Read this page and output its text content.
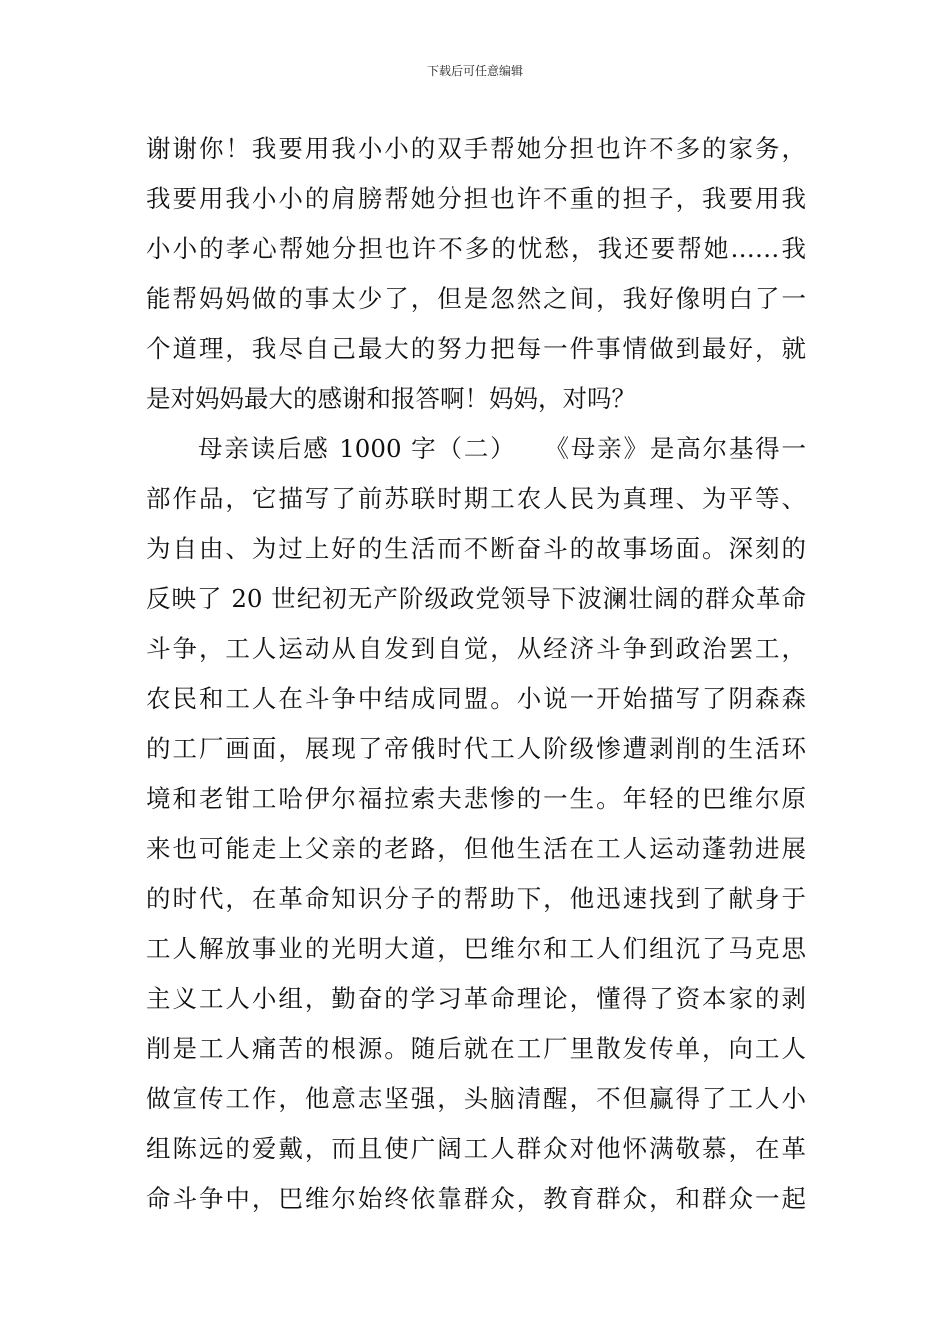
下载后可任意编辑
谢谢你！我要用我小小的双手帮她分担也许不多的家务，
我要用我小小的肩膀帮她分担也许不重的担子，我要用我
小小的孝心帮她分担也许不多的忧愁，我还要帮她……我
能帮妈妈做的事太少了，但是忽然之间，我好像明白了一
个道理，我尽自己最大的努力把每一件事情做到最好，就
是对妈妈最大的感谢和报答啊！妈妈，对吗？
母亲读后感 1000 字（二）　　《母亲》是高尔基得一
部作品，它描写了前苏联时期工农人民为真理、为平等、
为自由、为过上好的生活而不断奋斗的故事场面。深刻的
反映了 20 世纪初无产阶级政党领导下波澜壮阔的群众革命
斗争，工人运动从自发到自觉，从经济斗争到政治罢工，
农民和工人在斗争中结成同盟。小说一开始描写了阴森森
的工厂画面，展现了帝俄时代工人阶级惨遭剥削的生活环
境和老钳工哈伊尔福拉索夫悲惨的一生。年轻的巴维尔原
来也可能走上父亲的老路，但他生活在工人运动蓬勃进展
的时代，在革命知识分子的帮助下，他迅速找到了献身于
工人解放事业的光明大道，巴维尔和工人们组沉了马克思
主义工人小组，勤奋的学习革命理论，懂得了资本家的剥
削是工人痛苦的根源。随后就在工厂里散发传单，向工人
做宣传工作，他意志坚强，头脑清醒，不但赢得了工人小
组陈远的爱戴，而且使广阔工人群众对他怀满敬慕，在革
命斗争中，巴维尔始终依靠群众，教育群众，和群众一起
